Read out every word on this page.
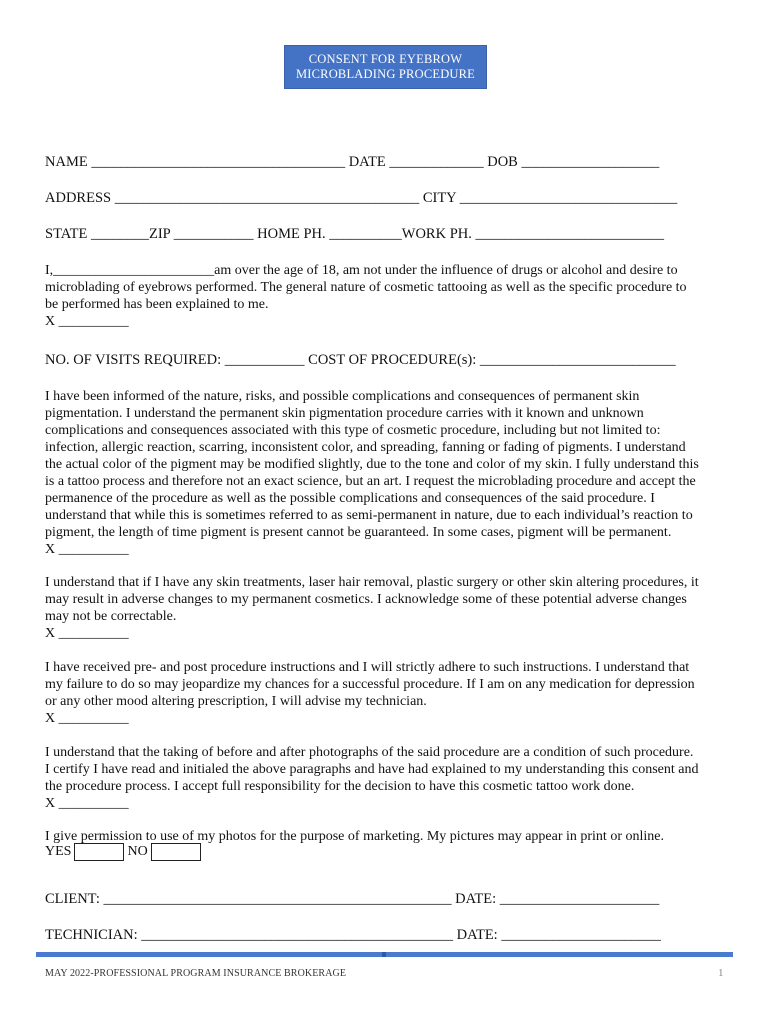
CONSENT FOR EYEBROW
MICROBLADING PROCEDURE
NAME ___________________________________ DATE _____________ DOB ___________________
ADDRESS __________________________________________ CITY ______________________________
STATE ________ZIP ___________ HOME PH. __________WORK PH. __________________________

I,_______________________am over the age of 18, am not under the influence of drugs or alcohol and desire to

microblading of eyebrows performed. The general nature of cosmetic tattooing as well as the specific procedure to

be performed has been explained to me.

X __________

NO. OF VISITS REQUIRED: ___________ COST OF PROCEDURE(s): ___________________________

I have been informed of the nature, risks, and possible complications and consequences of permanent skin

pigmentation. I understand the permanent skin pigmentation procedure carries with it known and unknown

complications and consequences associated with this type of cosmetic procedure, including but not limited to:

infection, allergic reaction, scarring, inconsistent color, and spreading, fanning or fading of pigments. I understand

the actual color of the pigment may be modified slightly, due to the tone and color of my skin. I fully understand this

is a tattoo process and therefore not an exact science, but an art. I request the microblading procedure and accept the

permanence of the procedure as well as the possible complications and consequences of the said procedure. I

understand that while this is sometimes referred to as semi-permanent in nature, due to each individual’s reaction to

pigment, the length of time pigment is present cannot be guaranteed. In some cases, pigment will be permanent.

X __________

I understand that if I have any skin treatments, laser hair removal, plastic surgery or other skin altering procedures, it

may result in adverse changes to my permanent cosmetics. I acknowledge some of these potential adverse changes

may not be correctable.

X __________

I have received pre- and post procedure instructions and I will strictly adhere to such instructions. I understand that

my failure to do so may jeopardize my chances for a successful procedure. If I am on any medication for depression

or any other mood altering prescription, I will advise my technician.

X __________

I understand that the taking of before and after photographs of the said procedure are a condition of such procedure.

I certify I have read and initialed the above paragraphs and have had explained to my understanding this consent and

the procedure process. I accept full responsibility for the decision to have this cosmetic tattoo work done.

X __________

I give permission to use of my photos for the purpose of marketing. My pictures may appear in print or online.

YES	NO
CLIENT: ________________________________________________ DATE: ______________________
TECHNICIAN: ___________________________________________ DATE: ______________________
MAY 2022-PROFESSIONAL PROGRAM INSURANCE BROKERAGE	1
